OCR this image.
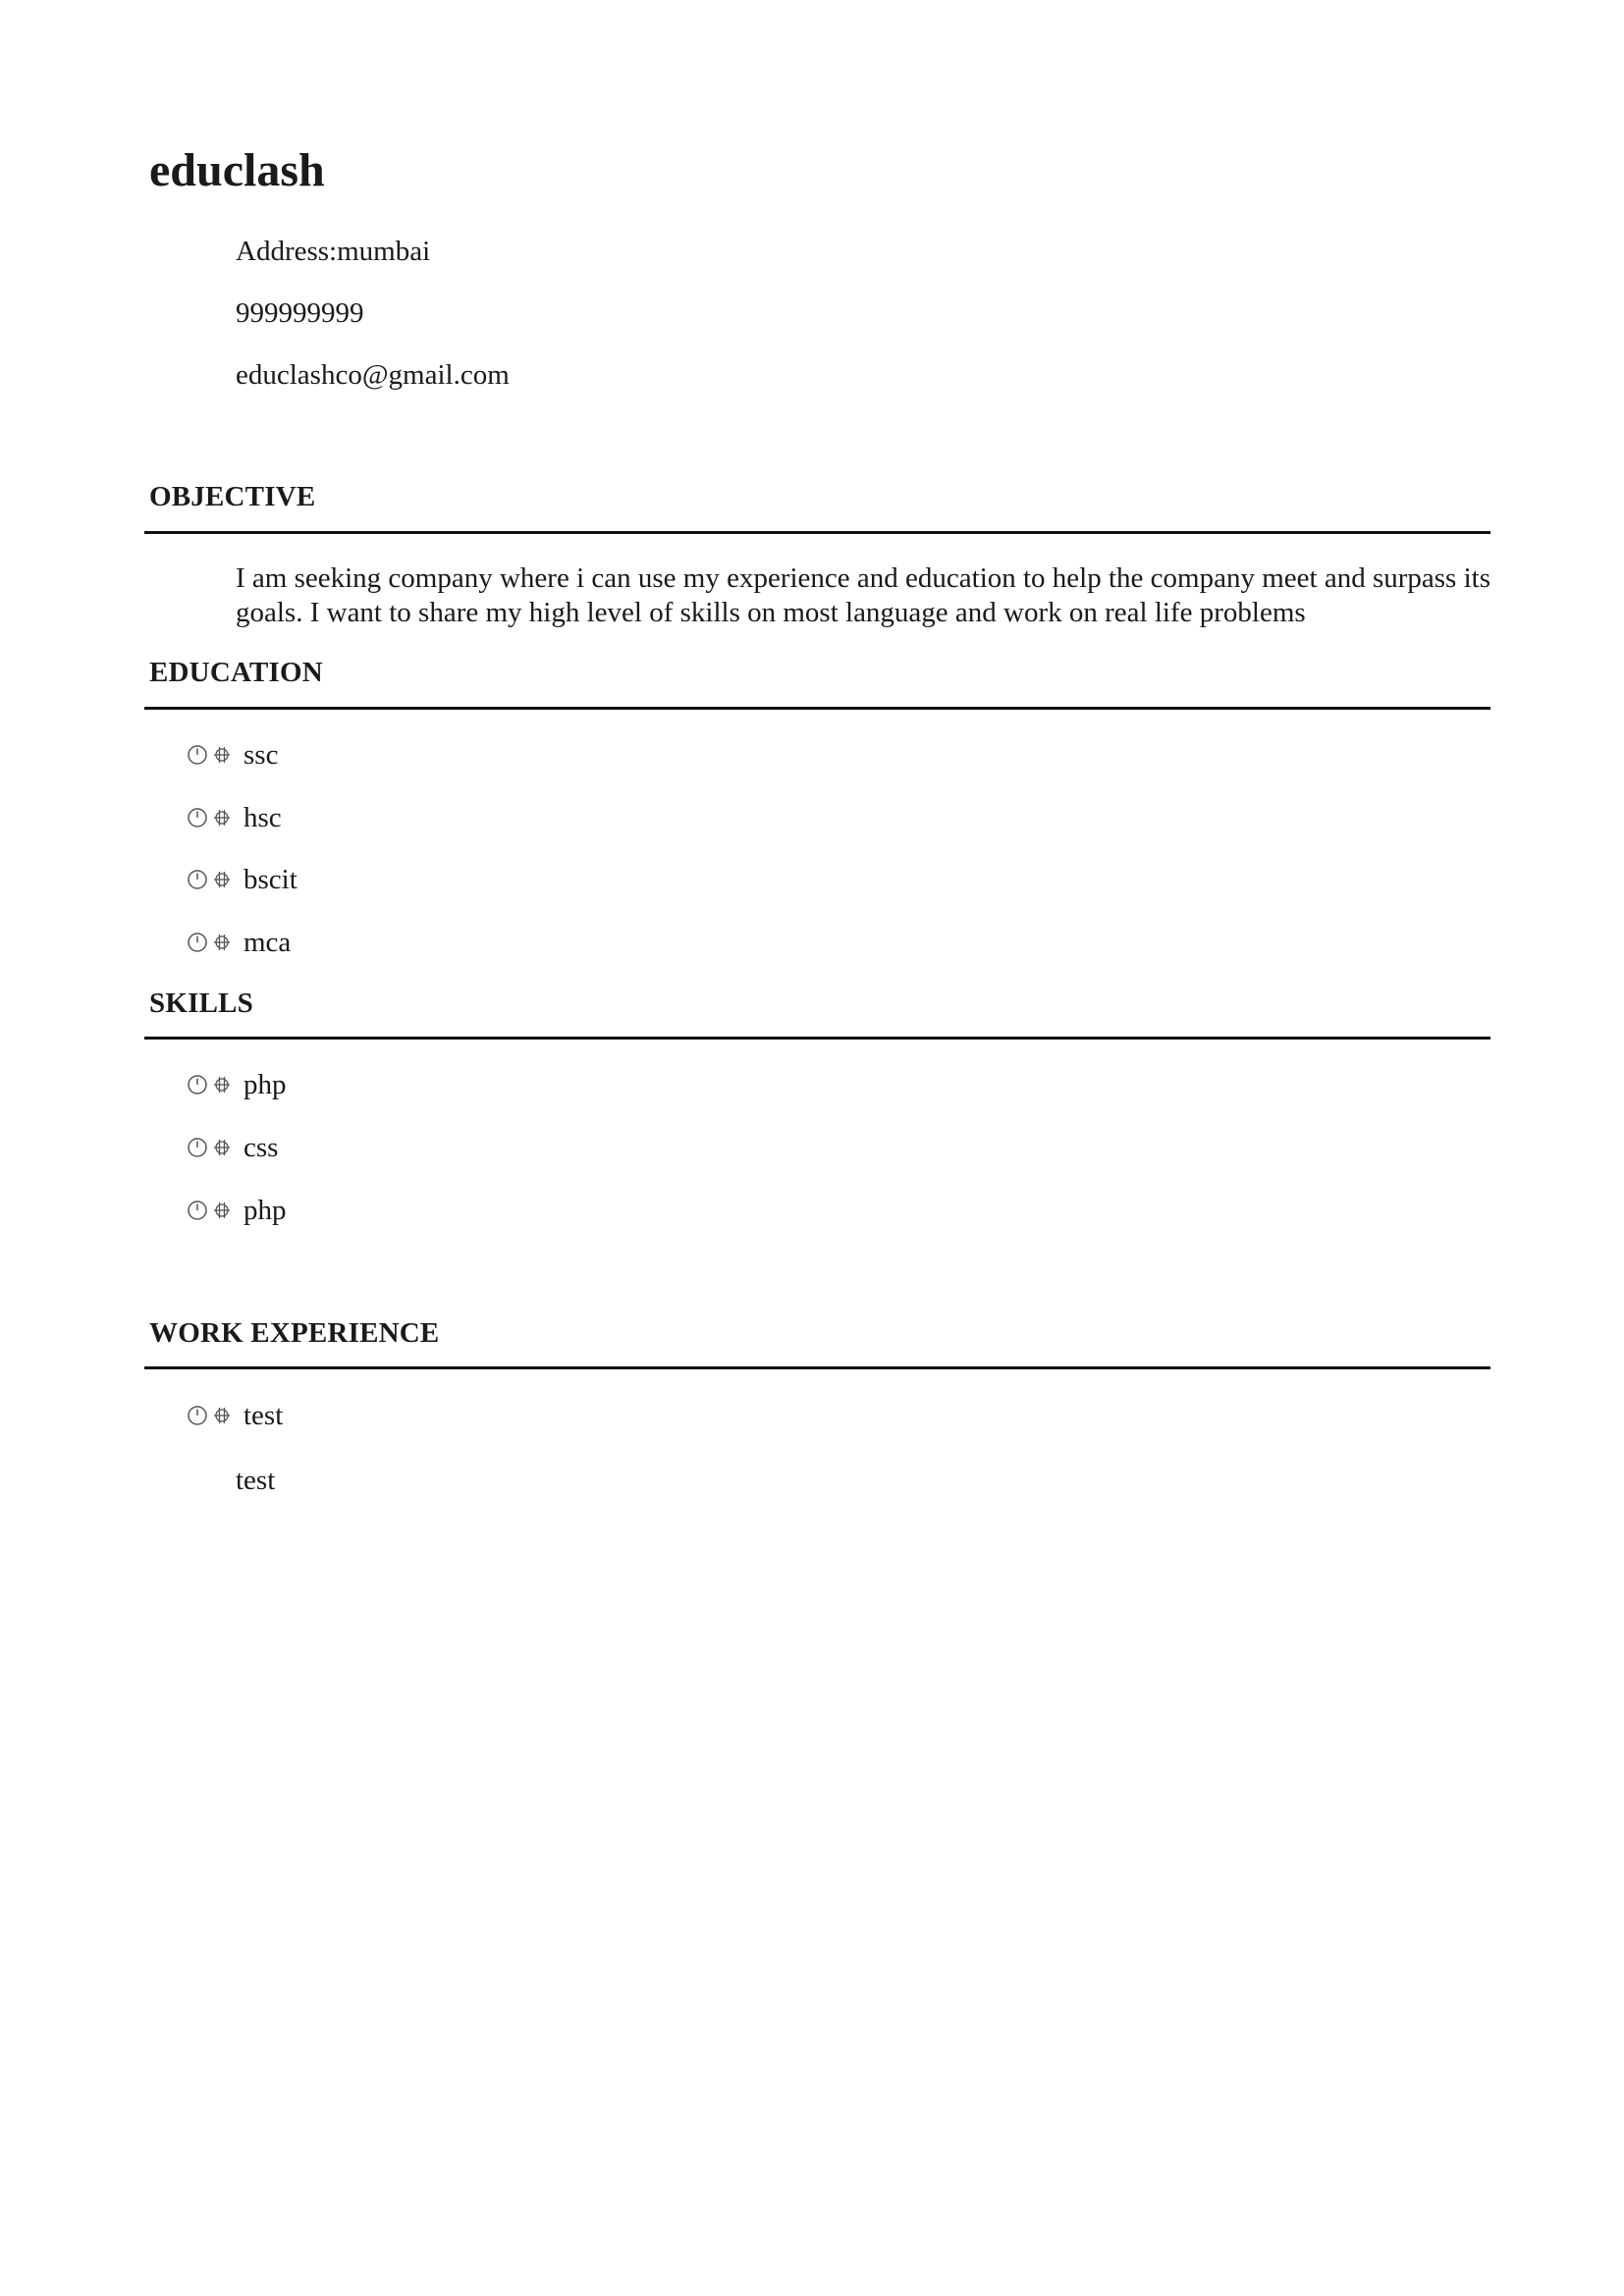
educlash

Address:mumbai

999999999

educlashco@gmail.com

OBJECTIVE

I am seeking company where i can use my experience and education to help the company meet and surpass its goals. I want to share my high level of skills on most language and work on real life problems

EDUCATION
ssc
hsc
bscit
mca
SKILLS
php
css
php
WORK EXPERIENCE
test

test
